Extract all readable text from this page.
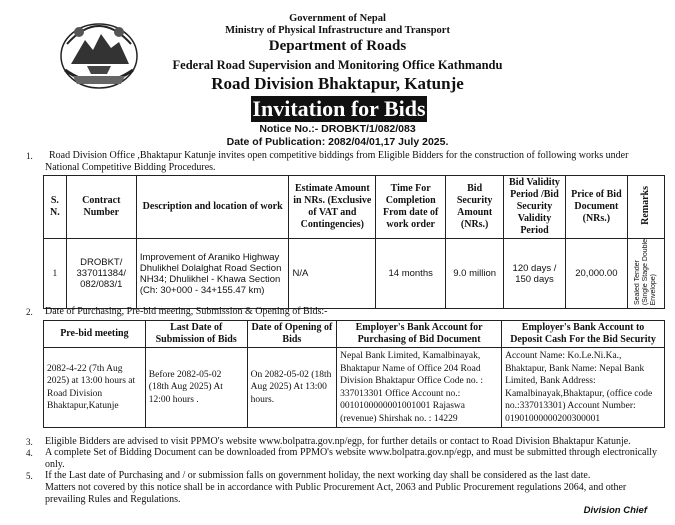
Government of Nepal
Ministry of Physical Infrastructure and Transport
Department of Roads
Federal Road Supervision and Monitoring Office Kathmandu
Road Division Bhaktapur, Katunje
Invitation for Bids
Notice No.:- DROBKT/1/082/083
Date of Publication: 2082/04/01,17 July 2025.
1.	Road Division Office ,Bhaktapur Katunje invites open competitive biddings from Eligible Bidders for the construction of following works under National Competitive Bidding Procedures.
S. N.	Contract Number	Description and location of work	Estimate Amount in NRs. (Exclusive of VAT and Contingencies)	Time For Completion From date of work order	Bid Security Amount (NRs.)	Bid Validity Period /Bid Security Validity Period	Price of Bid Document (NRs.)	Remarks
1	DROBKT/ 337011384/ 082/083/1	Improvement of Araniko Highway Dhulikhel Dolalghat Road Section NH34; Dhulikhel - Khawa Section (Ch: 30+000 - 34+155.47 km)	N/A	14 months	9.0 million	120 days / 150 days	20,000.00	Sealed Tender(Single Stage DoubleEnvelope)
2. Date of Purchasing, Pre-bid meeting, Submission & Opening of Bids:-
Pre-bid meeting	Last Date of Submission of Bids	Date of Opening of Bids	Employer's Bank Account for Purchasing of Bid Document	Employer's Bank Account to Deposit Cash For the Bid Security
2082-4-22 (7th Aug 2025) at 13:00 hours at Road Division Bhaktapur,Katunje	Before 2082-05-02 (18th Aug 2025) At 12:00 hours .	On 2082-05-02 (18th Aug 2025) At 13:00 hours.	Nepal Bank Limited, Kamalbinayak, Bhaktapur Name of Office 204 Road Division Bhaktapur Office Code no. : 337013301 Office Account no.: 0010100000001001001 Rajaswa (revenue) Shirshak no. : 14229	Account Name: Ko.Le.Ni.Ka., Bhaktapur, Bank Name: Nepal Bank Limited, Bank Address: Kamalbinayak,Bhaktapur, (office code no.:337013301) Account Number: 01901000000200300001
3. Eligible Bidders are advised to visit PPMO's website www.bolpatra.gov.np/egp, for further details or contact to Road Division Bhaktapur Katunje.
4. A complete Set of Bidding Document can be downloaded from PPMO's website www.bolpatra.gov.np/egp, and must be submitted through electronically only.
5. If the Last date of Purchasing and / or submission falls on government holiday, the next working day shall be considered as the last date.
Matters not covered by this notice shall be in accordance with Public Procurement Act, 2063 and Public Procurement regulations 2064, and other prevailing Rules and Regulations.
Division Chief
